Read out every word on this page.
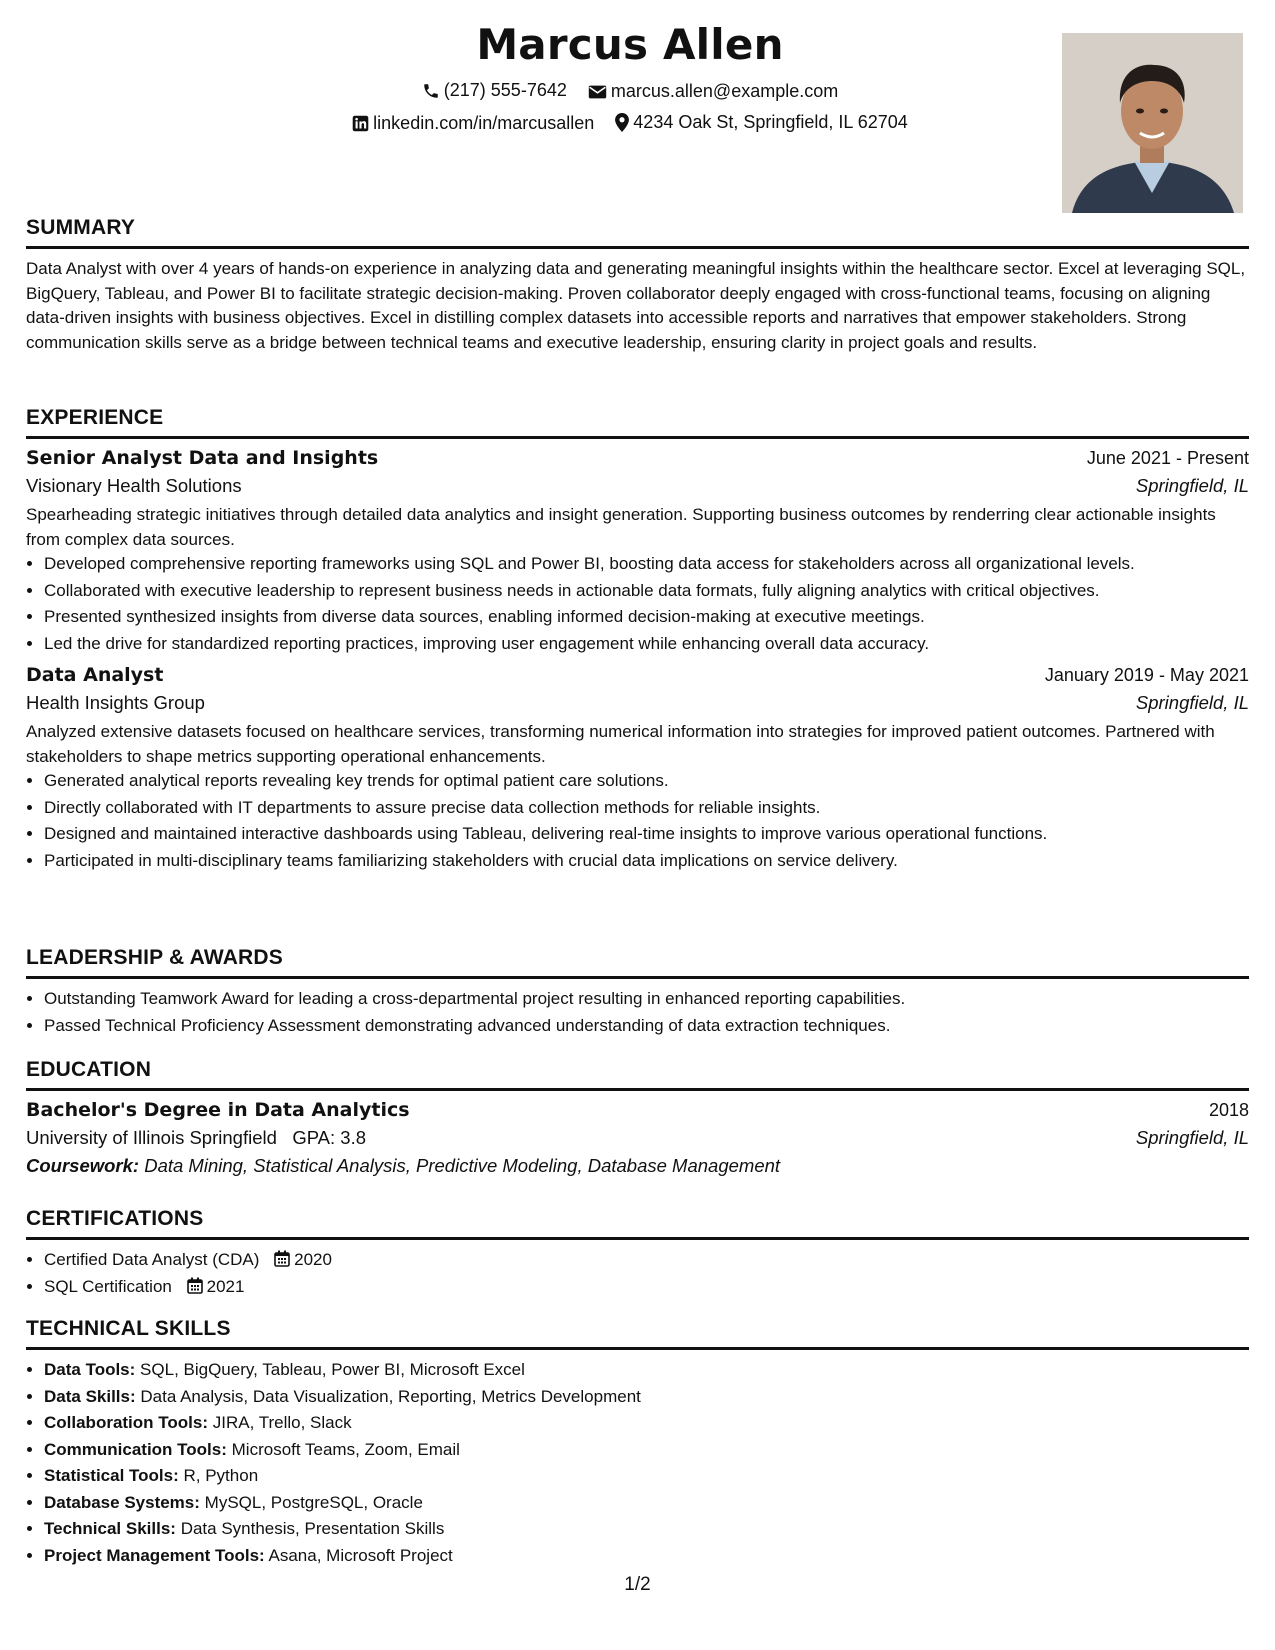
Marcus Allen
(217) 555-7642
marcus.allen@example.com
linkedin.com/in/marcusallen
4234 Oak St, Springfield, IL 62704
SUMMARY

Data Analyst with over 4 years of hands-on experience in analyzing data and generating meaningful insights within the healthcare sector. Excel at leveraging SQL, BigQuery, Tableau, and Power BI to facilitate strategic decision-making. Proven collaborator deeply engaged with cross-functional teams, focusing on aligning data-driven insights with business objectives. Excel in distilling complex datasets into accessible reports and narratives that empower stakeholders. Strong communication skills serve as a bridge between technical teams and executive leadership, ensuring clarity in project goals and results.

EXPERIENCE
Senior Analyst Data and Insights	June 2021 - Present
Visionary Health Solutions	Springfield, IL

Spearheading strategic initiatives through detailed data analytics and insight generation. Supporting business outcomes by renderring clear actionable insights from complex data sources.

• Developed comprehensive reporting frameworks using SQL and Power BI, boosting data access for stakeholders across all organizational levels.
• Collaborated with executive leadership to represent business needs in actionable data formats, fully aligning analytics with critical objectives.
• Presented synthesized insights from diverse data sources, enabling informed decision-making at executive meetings.
• Led the drive for standardized reporting practices, improving user engagement while enhancing overall data accuracy.
Data Analyst	January 2019 - May 2021
Health Insights Group	Springfield, IL

Analyzed extensive datasets focused on healthcare services, transforming numerical information into strategies for improved patient outcomes. Partnered with stakeholders to shape metrics supporting operational enhancements.

• Generated analytical reports revealing key trends for optimal patient care solutions.
• Directly collaborated with IT departments to assure precise data collection methods for reliable insights.
• Designed and maintained interactive dashboards using Tableau, delivering real-time insights to improve various operational functions.
• Participated in multi-disciplinary teams familiarizing stakeholders with crucial data implications on service delivery.
LEADERSHIP & AWARDS
• Outstanding Teamwork Award for leading a cross-departmental project resulting in enhanced reporting capabilities.
• Passed Technical Proficiency Assessment demonstrating advanced understanding of data extraction techniques.
EDUCATION
Bachelor's Degree in Data Analytics	2018
University of Illinois Springfield GPA: 3.8	Springfield, IL
Coursework: Data Mining, Statistical Analysis, Predictive Modeling, Database Management
CERTIFICATIONS
• Certified Data Analyst (CDA) 2020
• SQL Certification 2021
TECHNICAL SKILLS
• Data Tools: SQL, BigQuery, Tableau, Power BI, Microsoft Excel
• Data Skills: Data Analysis, Data Visualization, Reporting, Metrics Development
• Collaboration Tools: JIRA, Trello, Slack
• Communication Tools: Microsoft Teams, Zoom, Email
• Statistical Tools: R, Python
• Database Systems: MySQL, PostgreSQL, Oracle
• Technical Skills: Data Synthesis, Presentation Skills
• Project Management Tools: Asana, Microsoft Project
1/2
